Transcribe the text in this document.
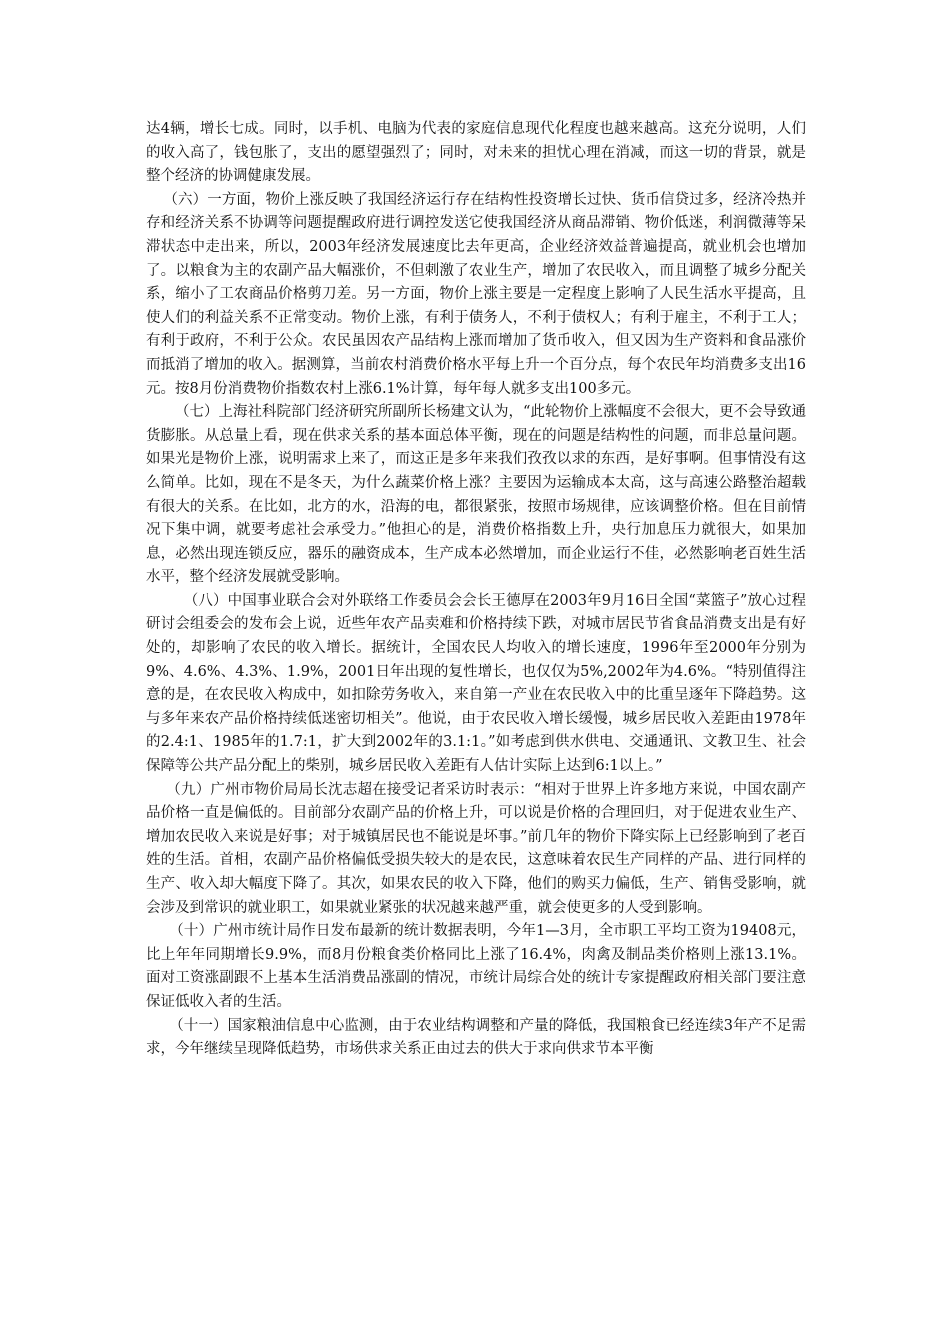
达4辆，增长七成。同时，以手机、电脑为代表的家庭信息现代化程度也越来越高。这充分说明，人们的收入高了，钱包胀了，支出的愿望强烈了；同时，对未来的担忧心理在消减，而这一切的背景，就是整个经济的协调健康发展。

（六）一方面，物价上涨反映了我国经济运行存在结构性投资增长过快、货币信贷过多，经济冷热并存和经济关系不协调等问题提醒政府进行调控发送它使我国经济从商品滞销、物价低迷，利润微薄等呆滞状态中走出来，所以，2003年经济发展速度比去年更高，企业经济效益普遍提高，就业机会也增加了。以粮食为主的农副产品大幅涨价，不但刺激了农业生产，增加了农民收入，而且调整了城乡分配关系，缩小了工农商品价格剪刀差。另一方面，物价上涨主要是一定程度上影响了人民生活水平提高，且使人们的利益关系不正常变动。物价上涨，有利于债务人，不利于债权人；有利于雇主，不利于工人；有利于政府，不利于公众。农民虽因农产品结构上涨而增加了货币收入，但又因为生产资料和食品涨价而抵消了增加的收入。据测算，当前农村消费价格水平每上升一个百分点，每个农民年均消费多支出16元。按8月份消费物价指数农村上涨6.1%计算，每年每人就多支出100多元。

（七）上海社科院部门经济研究所副所长杨建文认为，“此轮物价上涨幅度不会很大，更不会导致通货膨胀。从总量上看，现在供求关系的基本面总体平衡，现在的问题是结构性的问题，而非总量问题。如果光是物价上涨，说明需求上来了，而这正是多年来我们孜孜以求的东西，是好事啊。但事情没有这么简单。比如，现在不是冬天，为什么蔬菜价格上涨？主要因为运输成本太高，这与高速公路整治超载有很大的关系。在比如，北方的水，沿海的电，都很紧张，按照市场规律，应该调整价格。但在目前情况下集中调，就要考虑社会承受力。”他担心的是，消费价格指数上升，央行加息压力就很大，如果加息，必然出现连锁反应，器乐的融资成本，生产成本必然增加，而企业运行不佳，必然影响老百姓生活水平，整个经济发展就受影响。

（八）中国事业联合会对外联络工作委员会会长王德厚在2003年9月16日全国“菜篮子”放心过程研讨会组委会的发布会上说，近些年农产品卖难和价格持续下跌，对城市居民节省食品消费支出是有好处的，却影响了农民的收入增长。据统计，全国农民人均收入的增长速度，1996年至2000年分别为9%、4.6%、4.3%、1.9%，2001日年出现的复性增长，也仅仅为5%,2002年为4.6%。“特别值得注意的是，在农民收入构成中，如扣除劳务收入，来自第一产业在农民收入中的比重呈逐年下降趋势。这与多年来农产品价格持续低迷密切相关”。他说，由于农民收入增长缓慢，城乡居民收入差距由1978年的2.4:1、1985年的1.7:1，扩大到2002年的3.1:1。”如考虑到供水供电、交通通讯、文教卫生、社会保障等公共产品分配上的柴别，城乡居民收入差距有人估计实际上达到6:1以上。”

（九）广州市物价局局长沈志超在接受记者采访时表示：“相对于世界上许多地方来说，中国农副产品价格一直是偏低的。目前部分农副产品的价格上升，可以说是价格的合理回归，对于促进农业生产、增加农民收入来说是好事；对于城镇居民也不能说是坏事。”前几年的物价下降实际上已经影响到了老百姓的生活。首相，农副产品价格偏低受损失较大的是农民，这意味着农民生产同样的产品、进行同样的生产、收入却大幅度下降了。其次，如果农民的收入下降，他们的购买力偏低，生产、销售受影响，就会涉及到常识的就业职工，如果就业紧张的状况越来越严重，就会使更多的人受到影响。

（十）广州市统计局作日发布最新的统计数据表明，今年1—3月，全市职工平均工资为19408元，比上年年同期增长9.9%，而8月份粮食类价格同比上涨了16.4%，肉禽及制品类价格则上涨13.1%。面对工资涨副跟不上基本生活消费品涨副的情况，市统计局综合处的统计专家提醒政府相关部门要注意保证低收入者的生活。

（十一）国家粮油信息中心监测，由于农业结构调整和产量的降低，我国粮食已经连续3年产不足需求，今年继续呈现降低趋势，市场供求关系正由过去的供大于求向供求节本平衡
